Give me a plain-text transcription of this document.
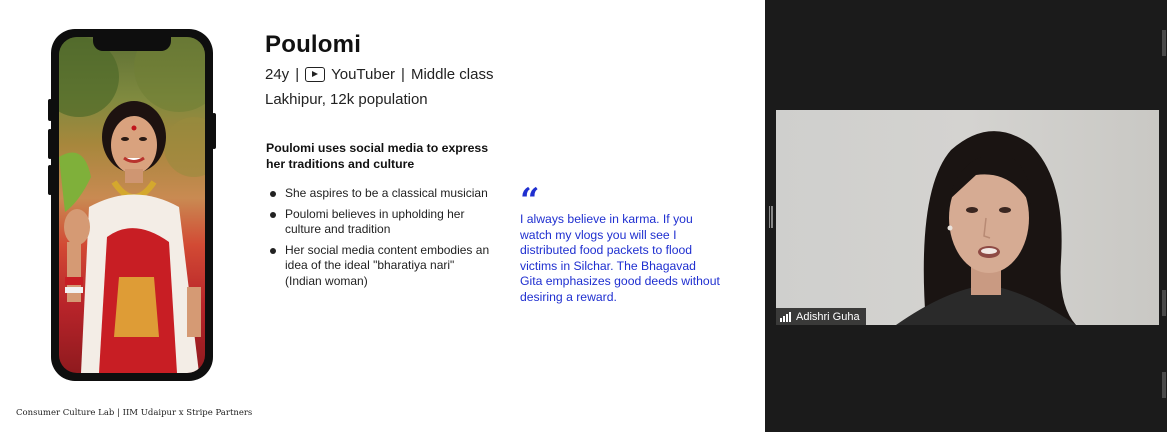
Poulomi
24y | YouTuber | Middle class
Lakhipur, 12k population
Poulomi uses social media to express her traditions and culture
She aspires to be a classical musician
Poulomi believes in upholding her culture and tradition
Her social media content embodies an idea of the ideal "bharatiya nari" (Indian woman)
“
I always believe in karma. If you watch my vlogs you will see I distributed food packets to flood victims in Silchar. The Bhagavad Gita emphasizes good deeds without desiring a reward.
Consumer Culture Lab | IIM Udaipur x Stripe Partners
Adishri Guha
